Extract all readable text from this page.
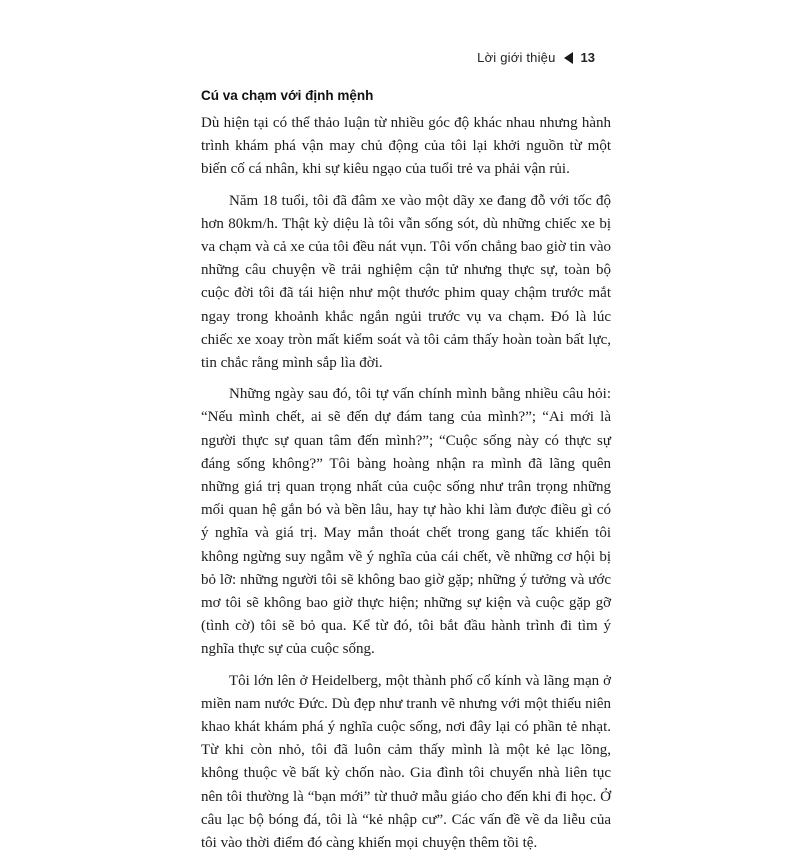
Lời giới thiệu 13
Cú va chạm với định mệnh

Dù hiện tại có thể thảo luận từ nhiều góc độ khác nhau nhưng hành trình khám phá vận may chủ động của tôi lại khởi nguồn từ một biến cố cá nhân, khi sự kiêu ngạo của tuổi trẻ va phải vận rủi.

Năm 18 tuổi, tôi đã đâm xe vào một dãy xe đang đỗ với tốc độ hơn 80km/h. Thật kỳ diệu là tôi vẫn sống sót, dù những chiếc xe bị va chạm và cả xe của tôi đều nát vụn. Tôi vốn chẳng bao giờ tin vào những câu chuyện về trải nghiệm cận tử nhưng thực sự, toàn bộ cuộc đời tôi đã tái hiện như một thước phim quay chậm trước mắt ngay trong khoảnh khắc ngắn ngủi trước vụ va chạm. Đó là lúc chiếc xe xoay tròn mất kiểm soát và tôi cảm thấy hoàn toàn bất lực, tin chắc rằng mình sắp lìa đời.

Những ngày sau đó, tôi tự vấn chính mình bằng nhiều câu hỏi: “Nếu mình chết, ai sẽ đến dự đám tang của mình?”; “Ai mới là người thực sự quan tâm đến mình?”; “Cuộc sống này có thực sự đáng sống không?” Tôi bàng hoàng nhận ra mình đã lãng quên những giá trị quan trọng nhất của cuộc sống như trân trọng những mối quan hệ gắn bó và bền lâu, hay tự hào khi làm được điều gì có ý nghĩa và giá trị. May mắn thoát chết trong gang tấc khiến tôi không ngừng suy ngẫm về ý nghĩa của cái chết, về những cơ hội bị bỏ lỡ: những người tôi sẽ không bao giờ gặp; những ý tưởng và ước mơ tôi sẽ không bao giờ thực hiện; những sự kiện và cuộc gặp gỡ (tình cờ) tôi sẽ bỏ qua. Kể từ đó, tôi bắt đầu hành trình đi tìm ý nghĩa thực sự của cuộc sống.

Tôi lớn lên ở Heidelberg, một thành phố cổ kính và lãng mạn ở miền nam nước Đức. Dù đẹp như tranh vẽ nhưng với một thiếu niên khao khát khám phá ý nghĩa cuộc sống, nơi đây lại có phần tẻ nhạt. Từ khi còn nhỏ, tôi đã luôn cảm thấy mình là một kẻ lạc lõng, không thuộc về bất kỳ chốn nào. Gia đình tôi chuyển nhà liên tục nên tôi thường là “bạn mới” từ thuở mẫu giáo cho đến khi đi học. Ở câu lạc bộ bóng đá, tôi là “kẻ nhập cư”. Các vấn đề về da liễu của tôi vào thời điểm đó càng khiến mọi chuyện thêm tồi tệ.
